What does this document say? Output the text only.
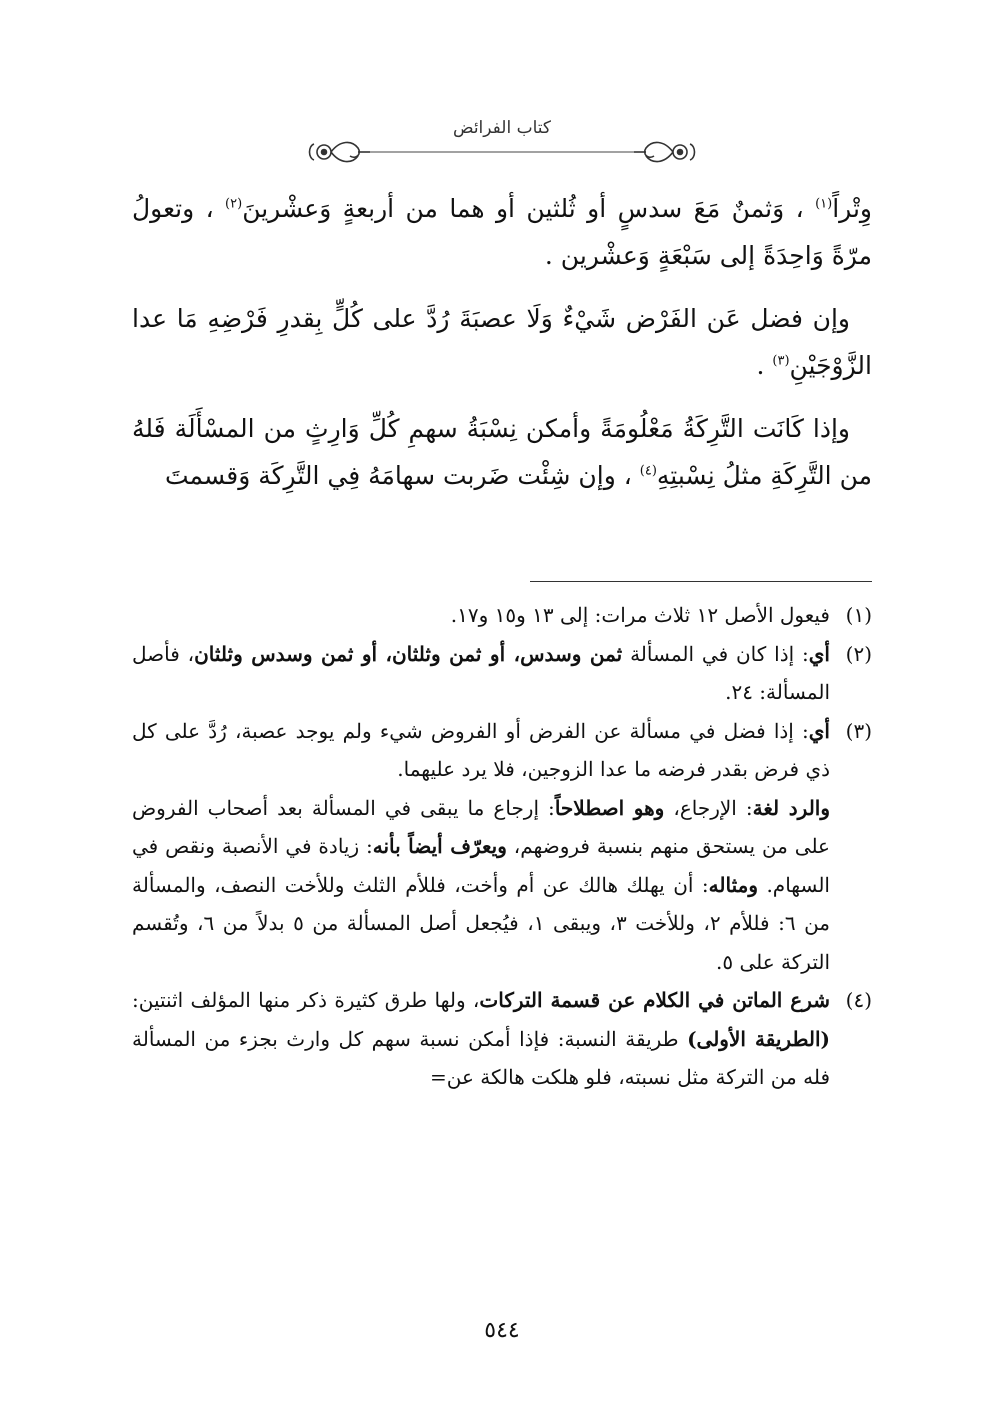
كتاب الفرائض

وِتْراً$^{(١)}$ ، وَثمنٌ مَعَ سدسٍ أو ثُلثين أو هما من أربعةٍ وَعشْرينَ$^{(٢)}$ ، وتعولُ مرّةً وَاحِدَةً إلى سَبْعَةٍ وَعشْرين .

وإن فضل عَن الفَرْض شَيْءٌ وَلَا عصبَةَ رُدَّ على كُلٍّ بِقدرِ فَرْضِهِ مَا عدا الزَّوْجَيْنِ$^{(٣)}$ .

وإذا كَانَت التَّرِكَةُ مَعْلُومَةً وأمكن نِسْبَةُ سهمِ كُلِّ وَارِثٍ من المسْأَلَة فَلهُ من التَّرِكَةِ مثلُ نِسْبتِهِ$^{(٤)}$ ، وإن شِئْت ضَربت سهامَهُ فِي التَّرِكَة وَقسمتَ

(١)
فيعول الأصل ١٢ ثلاث مرات: إلى ١٣ و١٥ و١٧.
(٢)
أي: إذا كان في المسألة ثمن وسدس، أو ثمن وثلثان، أو ثمن وسدس وثلثان، فأصل المسألة: ٢٤.
(٣)

أي: إذا فضل في مسألة عن الفرض أو الفروض شيء ولم يوجد عصبة، رُدَّ على كل ذي فرض بقدر فرضه ما عدا الزوجين، فلا يرد عليهما.

والرد لغة: الإرجاع، وهو اصطلاحاً: إرجاع ما يبقى في المسألة بعد أصحاب الفروض على من يستحق منهم بنسبة فروضهم، ويعرّف أيضاً بأنه: زيادة في الأنصبة ونقص في السهام. ومثاله: أن يهلك هالك عن أم وأخت، فللأم الثلث وللأخت النصف، والمسألة من ٦: فللأم ٢، وللأخت ٣، ويبقى ١، فيُجعل أصل المسألة من ٥ بدلاً من ٦، وتُقسم التركة على ٥.

(٤)
شرع الماتن في الكلام عن قسمة التركات، ولها طرق كثيرة ذكر منها المؤلف اثنتين: (الطريقة الأولى) طريقة النسبة: فإذا أمكن نسبة سهم كل وارث بجزء من المسألة فله من التركة مثل نسبته، فلو هلكت هالكة عن=
٥٤٤
